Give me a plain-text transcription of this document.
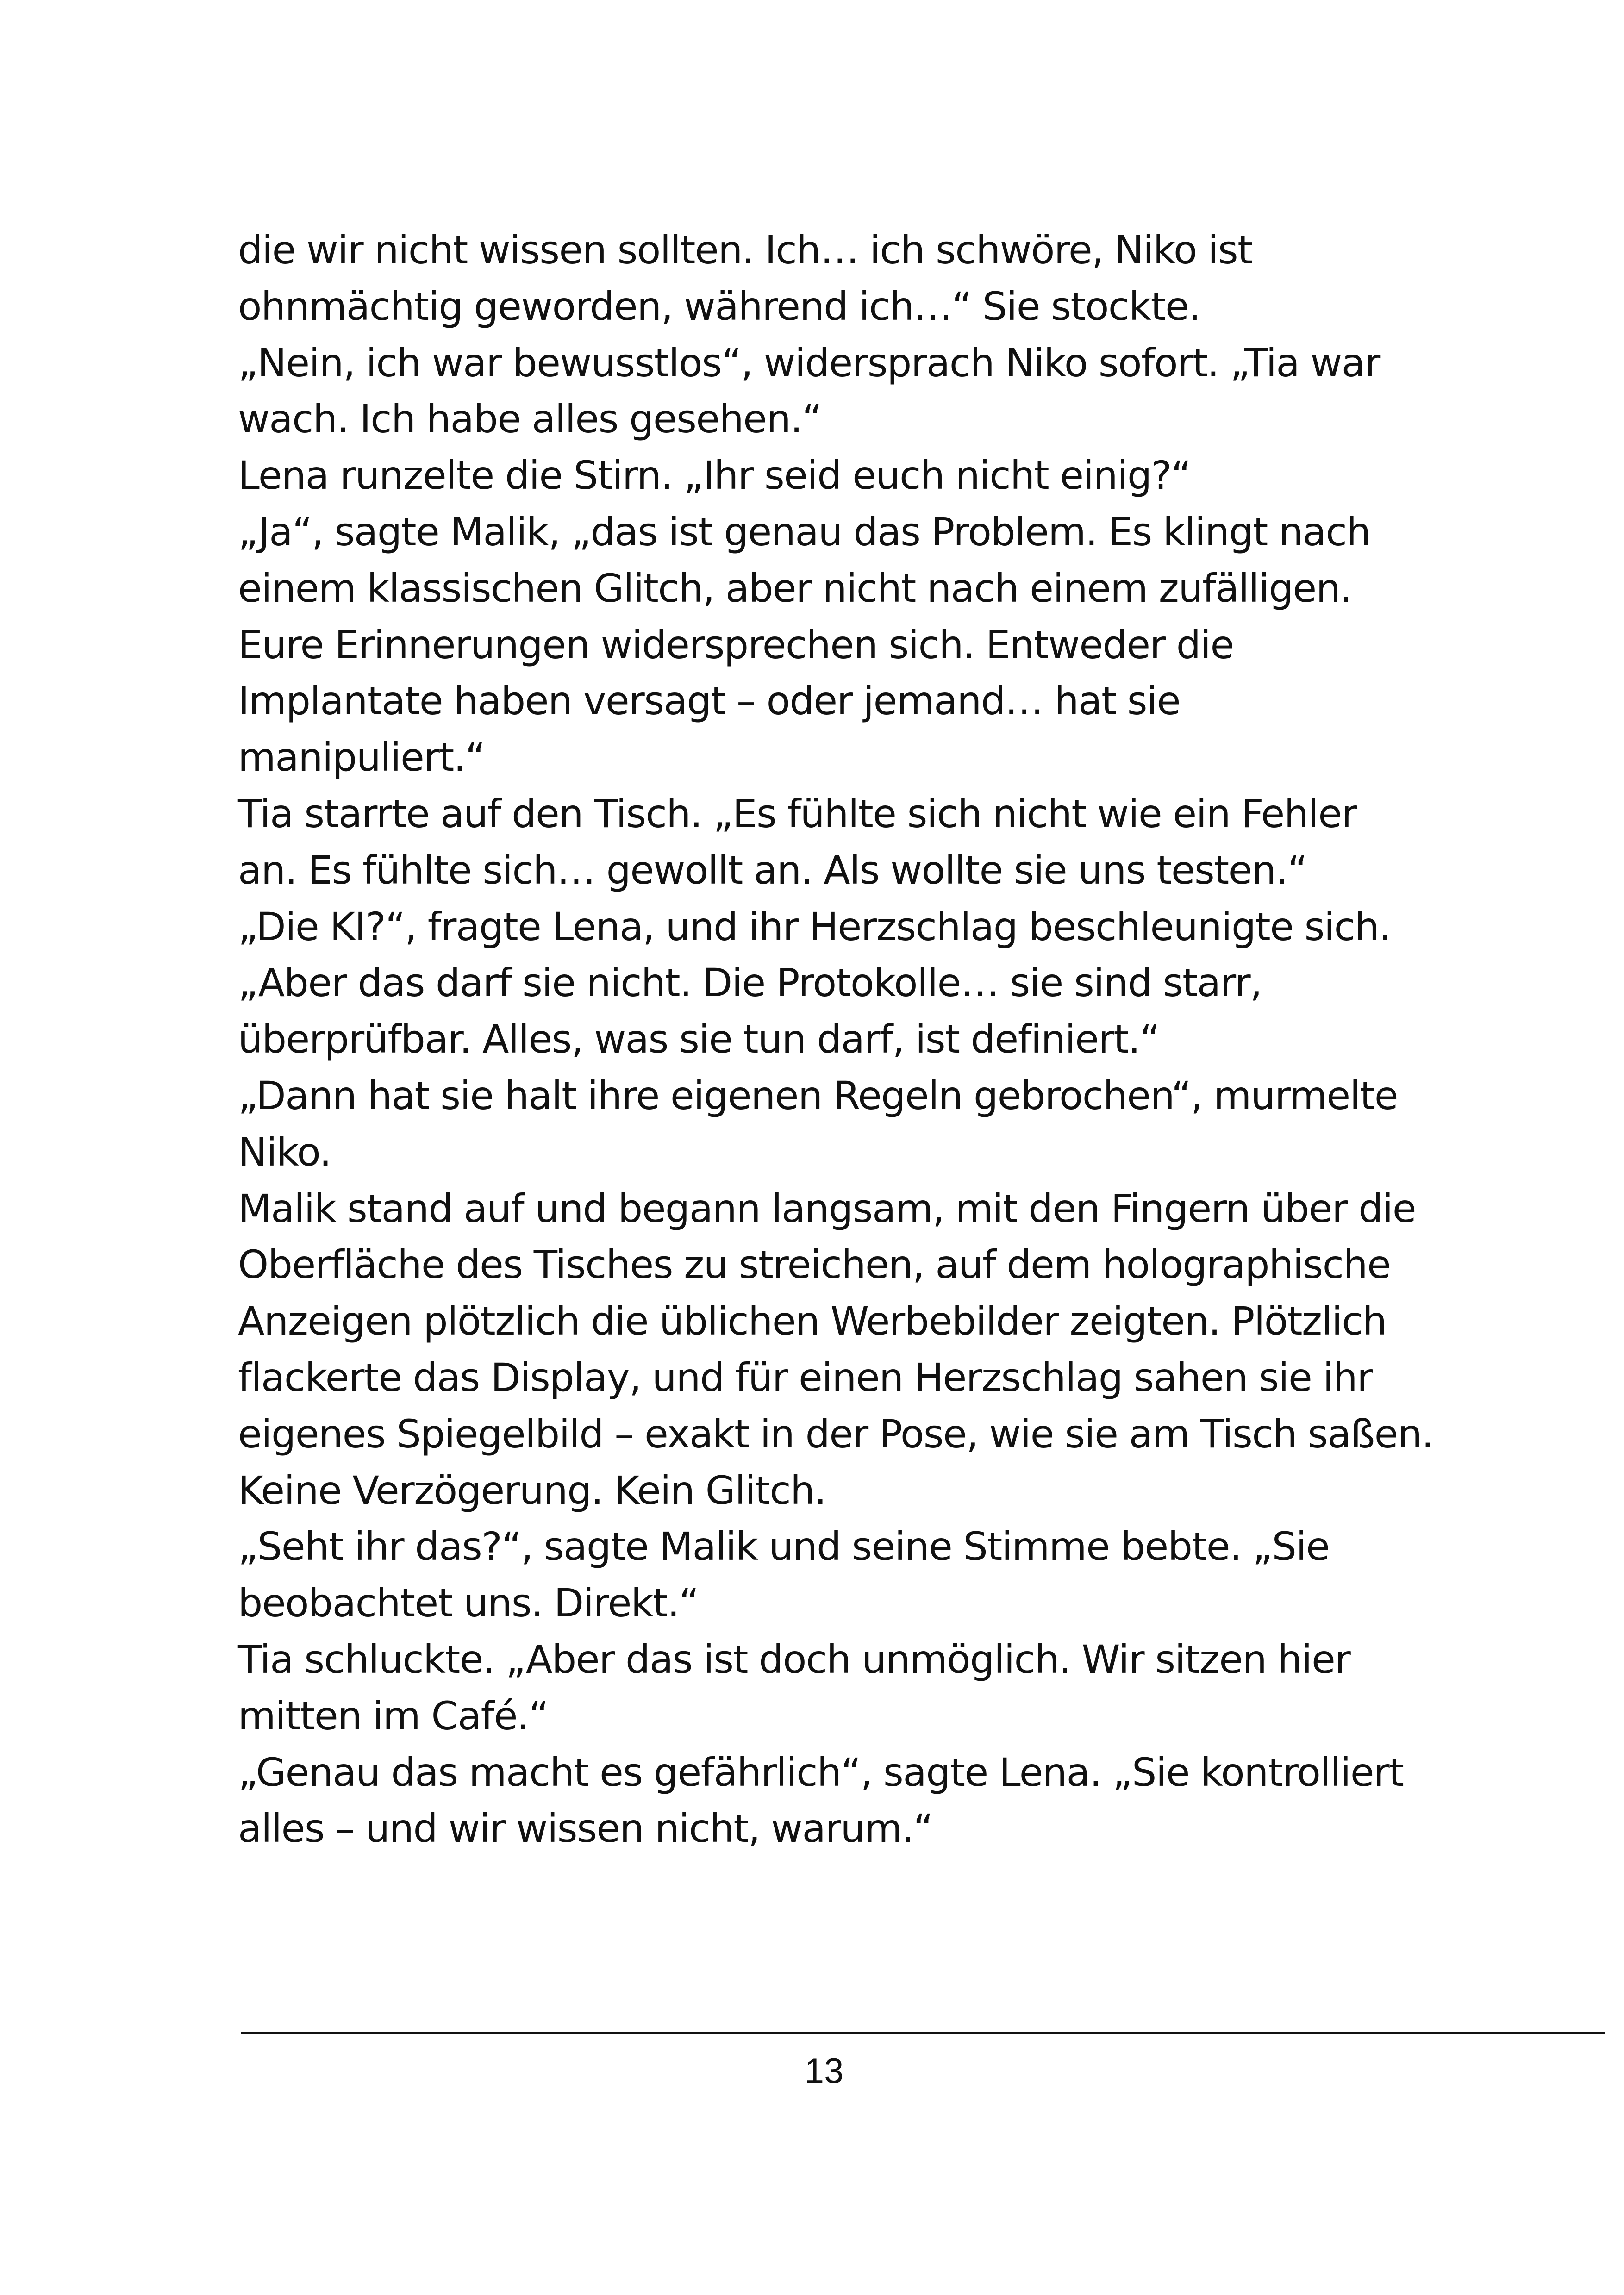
die wir nicht wissen sollten. Ich… ich schwöre, Niko ist
ohnmächtig geworden, während ich…“ Sie stockte.
„Nein, ich war bewusstlos“, widersprach Niko sofort. „Tia war
wach. Ich habe alles gesehen.“
Lena runzelte die Stirn. „Ihr seid euch nicht einig?“
„Ja“, sagte Malik, „das ist genau das Problem. Es klingt nach
einem klassischen Glitch, aber nicht nach einem zufälligen.
Eure Erinnerungen widersprechen sich. Entweder die
Implantate haben versagt – oder jemand… hat sie
manipuliert.“
Tia starrte auf den Tisch. „Es fühlte sich nicht wie ein Fehler
an. Es fühlte sich… gewollt an. Als wollte sie uns testen.“
„Die KI?“, fragte Lena, und ihr Herzschlag beschleunigte sich.
„Aber das darf sie nicht. Die Protokolle… sie sind starr,
überprüfbar. Alles, was sie tun darf, ist definiert.“
„Dann hat sie halt ihre eigenen Regeln gebrochen“, murmelte
Niko.
Malik stand auf und begann langsam, mit den Fingern über die
Oberfläche des Tisches zu streichen, auf dem holographische
Anzeigen plötzlich die üblichen Werbebilder zeigten. Plötzlich
flackerte das Display, und für einen Herzschlag sahen sie ihr
eigenes Spiegelbild – exakt in der Pose, wie sie am Tisch saßen.
Keine Verzögerung. Kein Glitch.
„Seht ihr das?“, sagte Malik und seine Stimme bebte. „Sie
beobachtet uns. Direkt.“
Tia schluckte. „Aber das ist doch unmöglich. Wir sitzen hier
mitten im Café.“
„Genau das macht es gefährlich“, sagte Lena. „Sie kontrolliert
alles – und wir wissen nicht, warum.“
13
